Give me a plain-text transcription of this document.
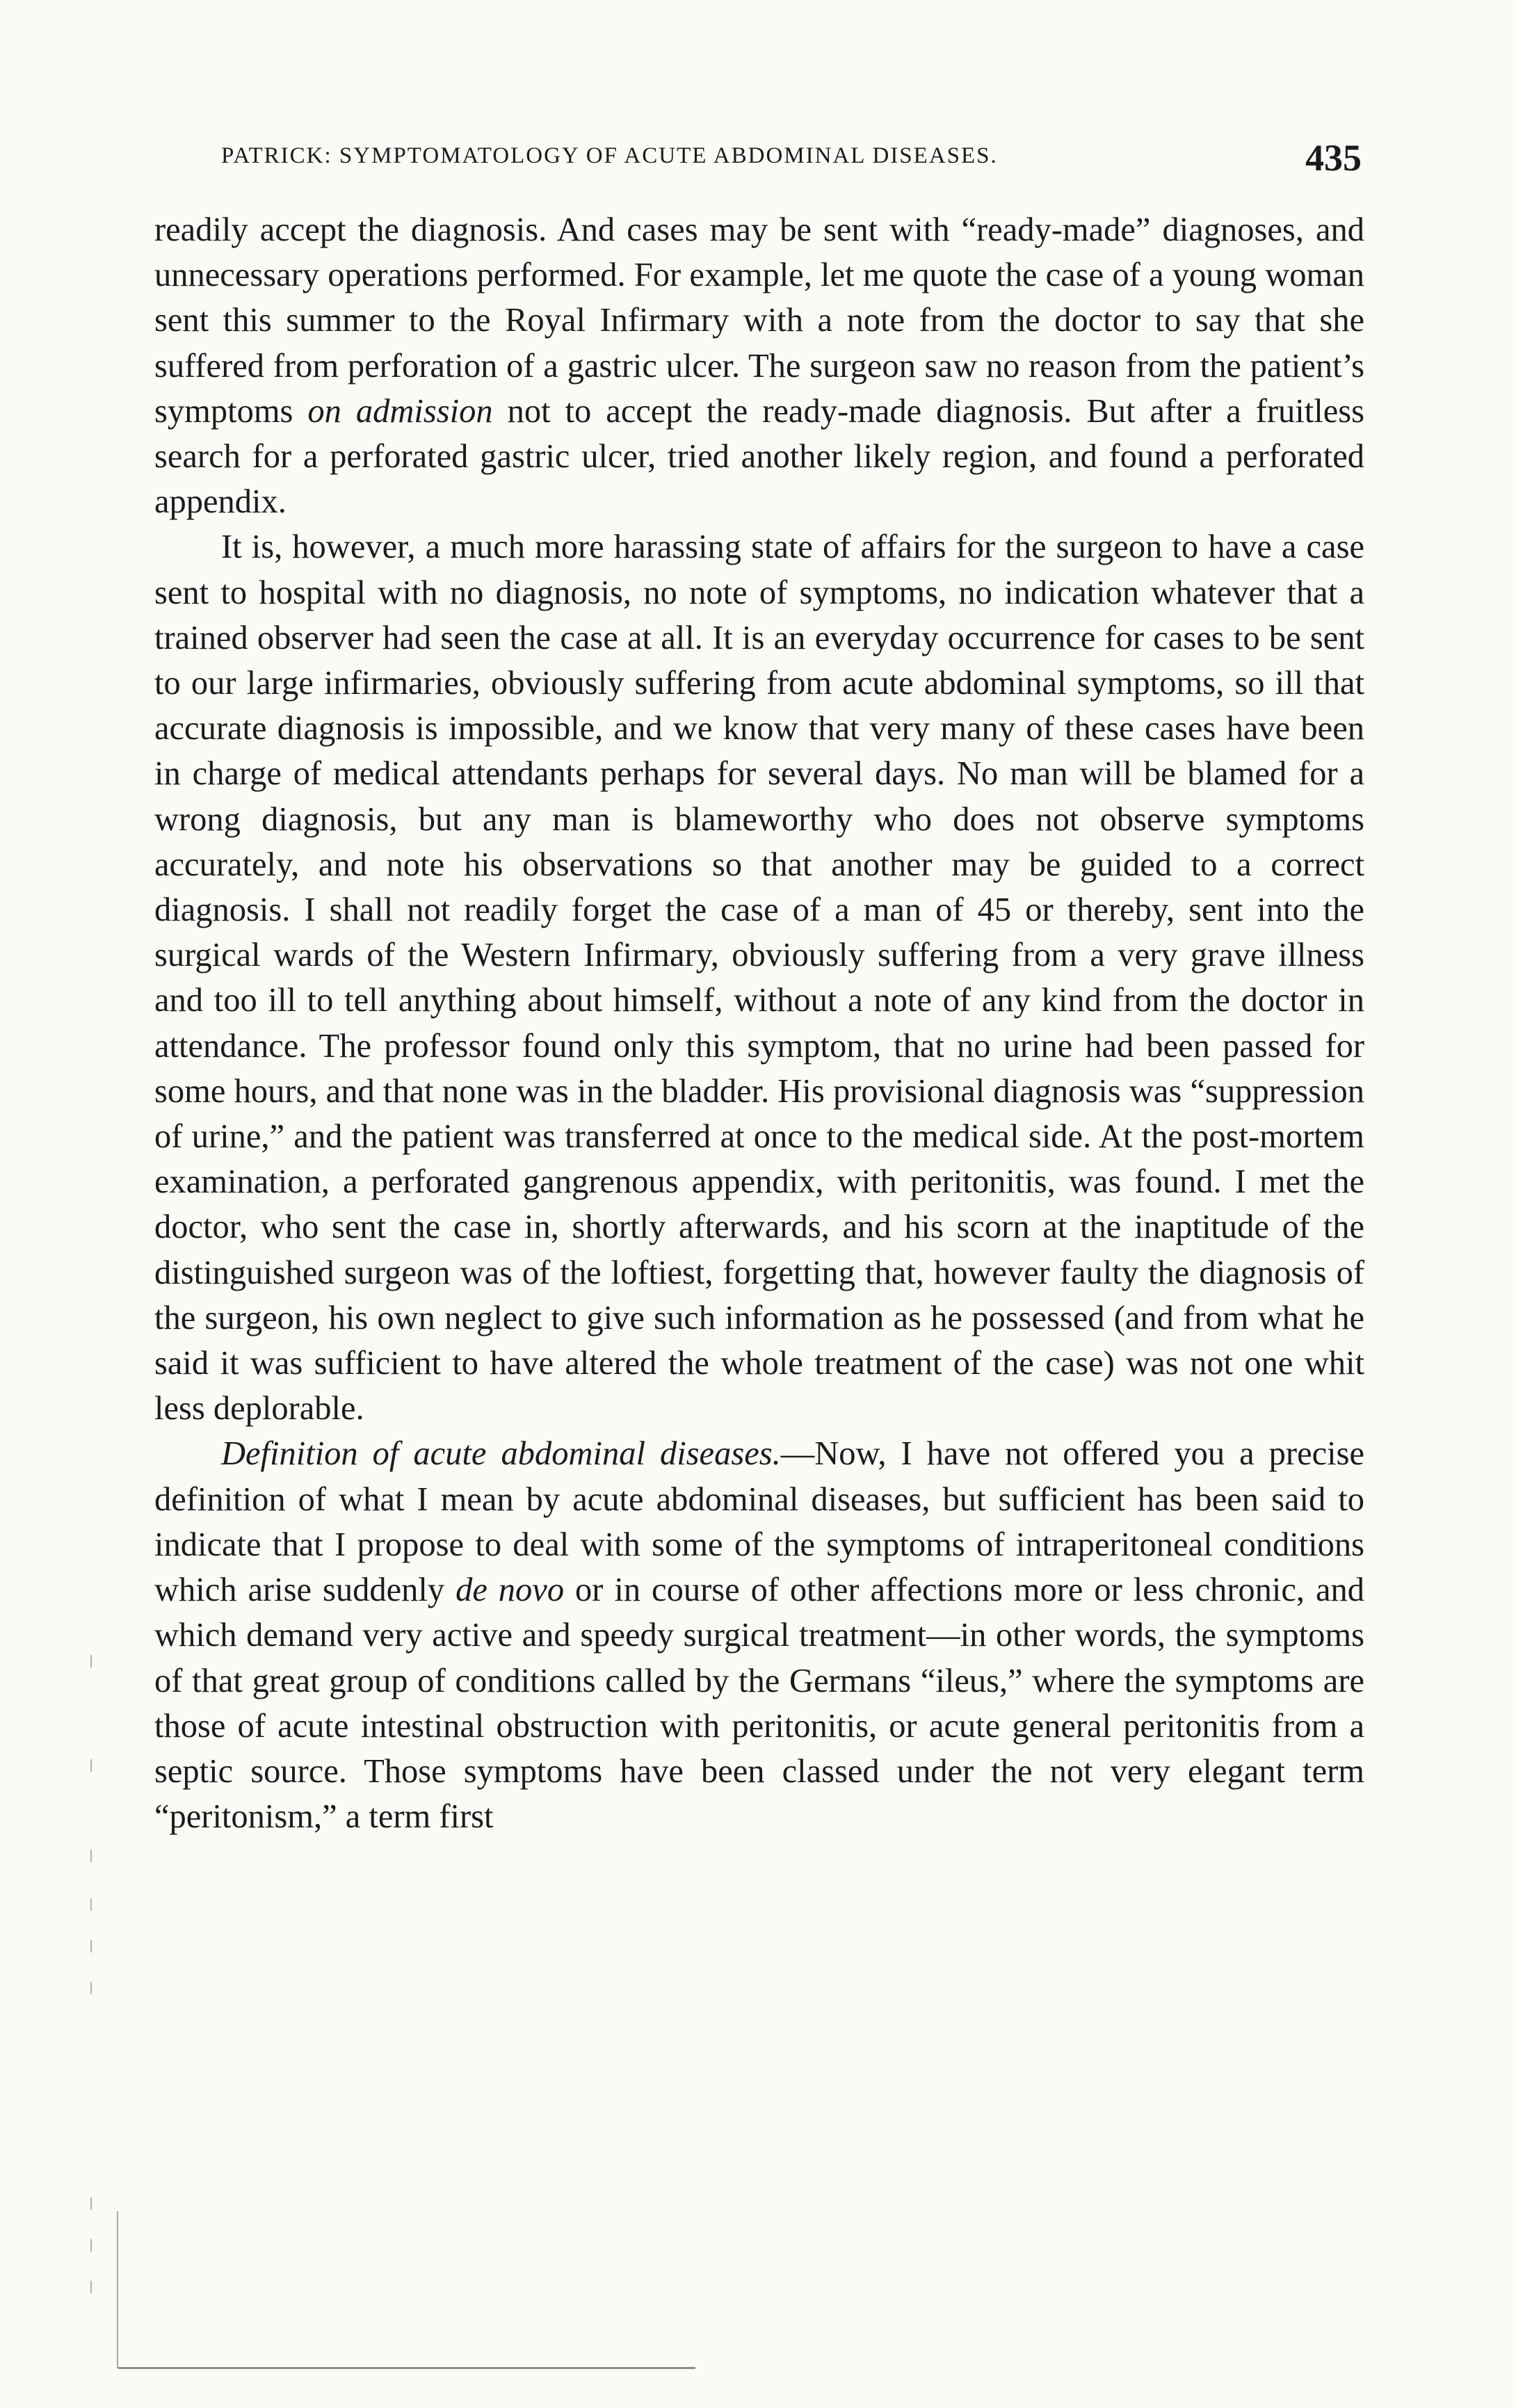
PATRICK: SYMPTOMATOLOGY OF ACUTE ABDOMINAL DISEASES.	435

readily accept the diagnosis. And cases may be sent with “ready-made” diagnoses, and unnecessary operations performed. For example, let me quote the case of a young woman sent this summer to the Royal Infirmary with a note from the doctor to say that she suffered from perforation of a gastric ulcer. The surgeon saw no reason from the patient’s symptoms on admission not to accept the ready-made diagnosis. But after a fruitless search for a perforated gastric ulcer, tried another likely region, and found a perforated appendix.

It is, however, a much more harassing state of affairs for the surgeon to have a case sent to hospital with no diagnosis, no note of symptoms, no indication whatever that a trained observer had seen the case at all. It is an everyday occurrence for cases to be sent to our large infirmaries, obviously suffering from acute abdominal symptoms, so ill that accurate diagnosis is impossible, and we know that very many of these cases have been in charge of medical attendants perhaps for several days. No man will be blamed for a wrong diagnosis, but any man is blameworthy who does not observe symptoms accurately, and note his observations so that another may be guided to a correct diagnosis. I shall not readily forget the case of a man of 45 or thereby, sent into the surgical wards of the Western Infirmary, obviously suffering from a very grave illness and too ill to tell anything about himself, without a note of any kind from the doctor in attendance. The professor found only this symptom, that no urine had been passed for some hours, and that none was in the bladder. His provisional diagnosis was “suppression of urine,” and the patient was transferred at once to the medical side. At the post-mortem examination, a perforated gangrenous appendix, with peritonitis, was found. I met the doctor, who sent the case in, shortly afterwards, and his scorn at the inaptitude of the distinguished surgeon was of the loftiest, forgetting that, however faulty the diagnosis of the surgeon, his own neglect to give such information as he possessed (and from what he said it was sufficient to have altered the whole treatment of the case) was not one whit less deplorable.

Definition of acute abdominal diseases.—Now, I have not offered you a precise definition of what I mean by acute abdominal diseases, but sufficient has been said to indicate that I propose to deal with some of the symptoms of intraperitoneal conditions which arise suddenly de novo or in course of other affections more or less chronic, and which demand very active and speedy surgical treatment—in other words, the symptoms of that great group of conditions called by the Germans “ileus,” where the symptoms are those of acute intestinal obstruction with peritonitis, or acute general peritonitis from a septic source. Those symptoms have been classed under the not very elegant term “peritonism,” a term first
